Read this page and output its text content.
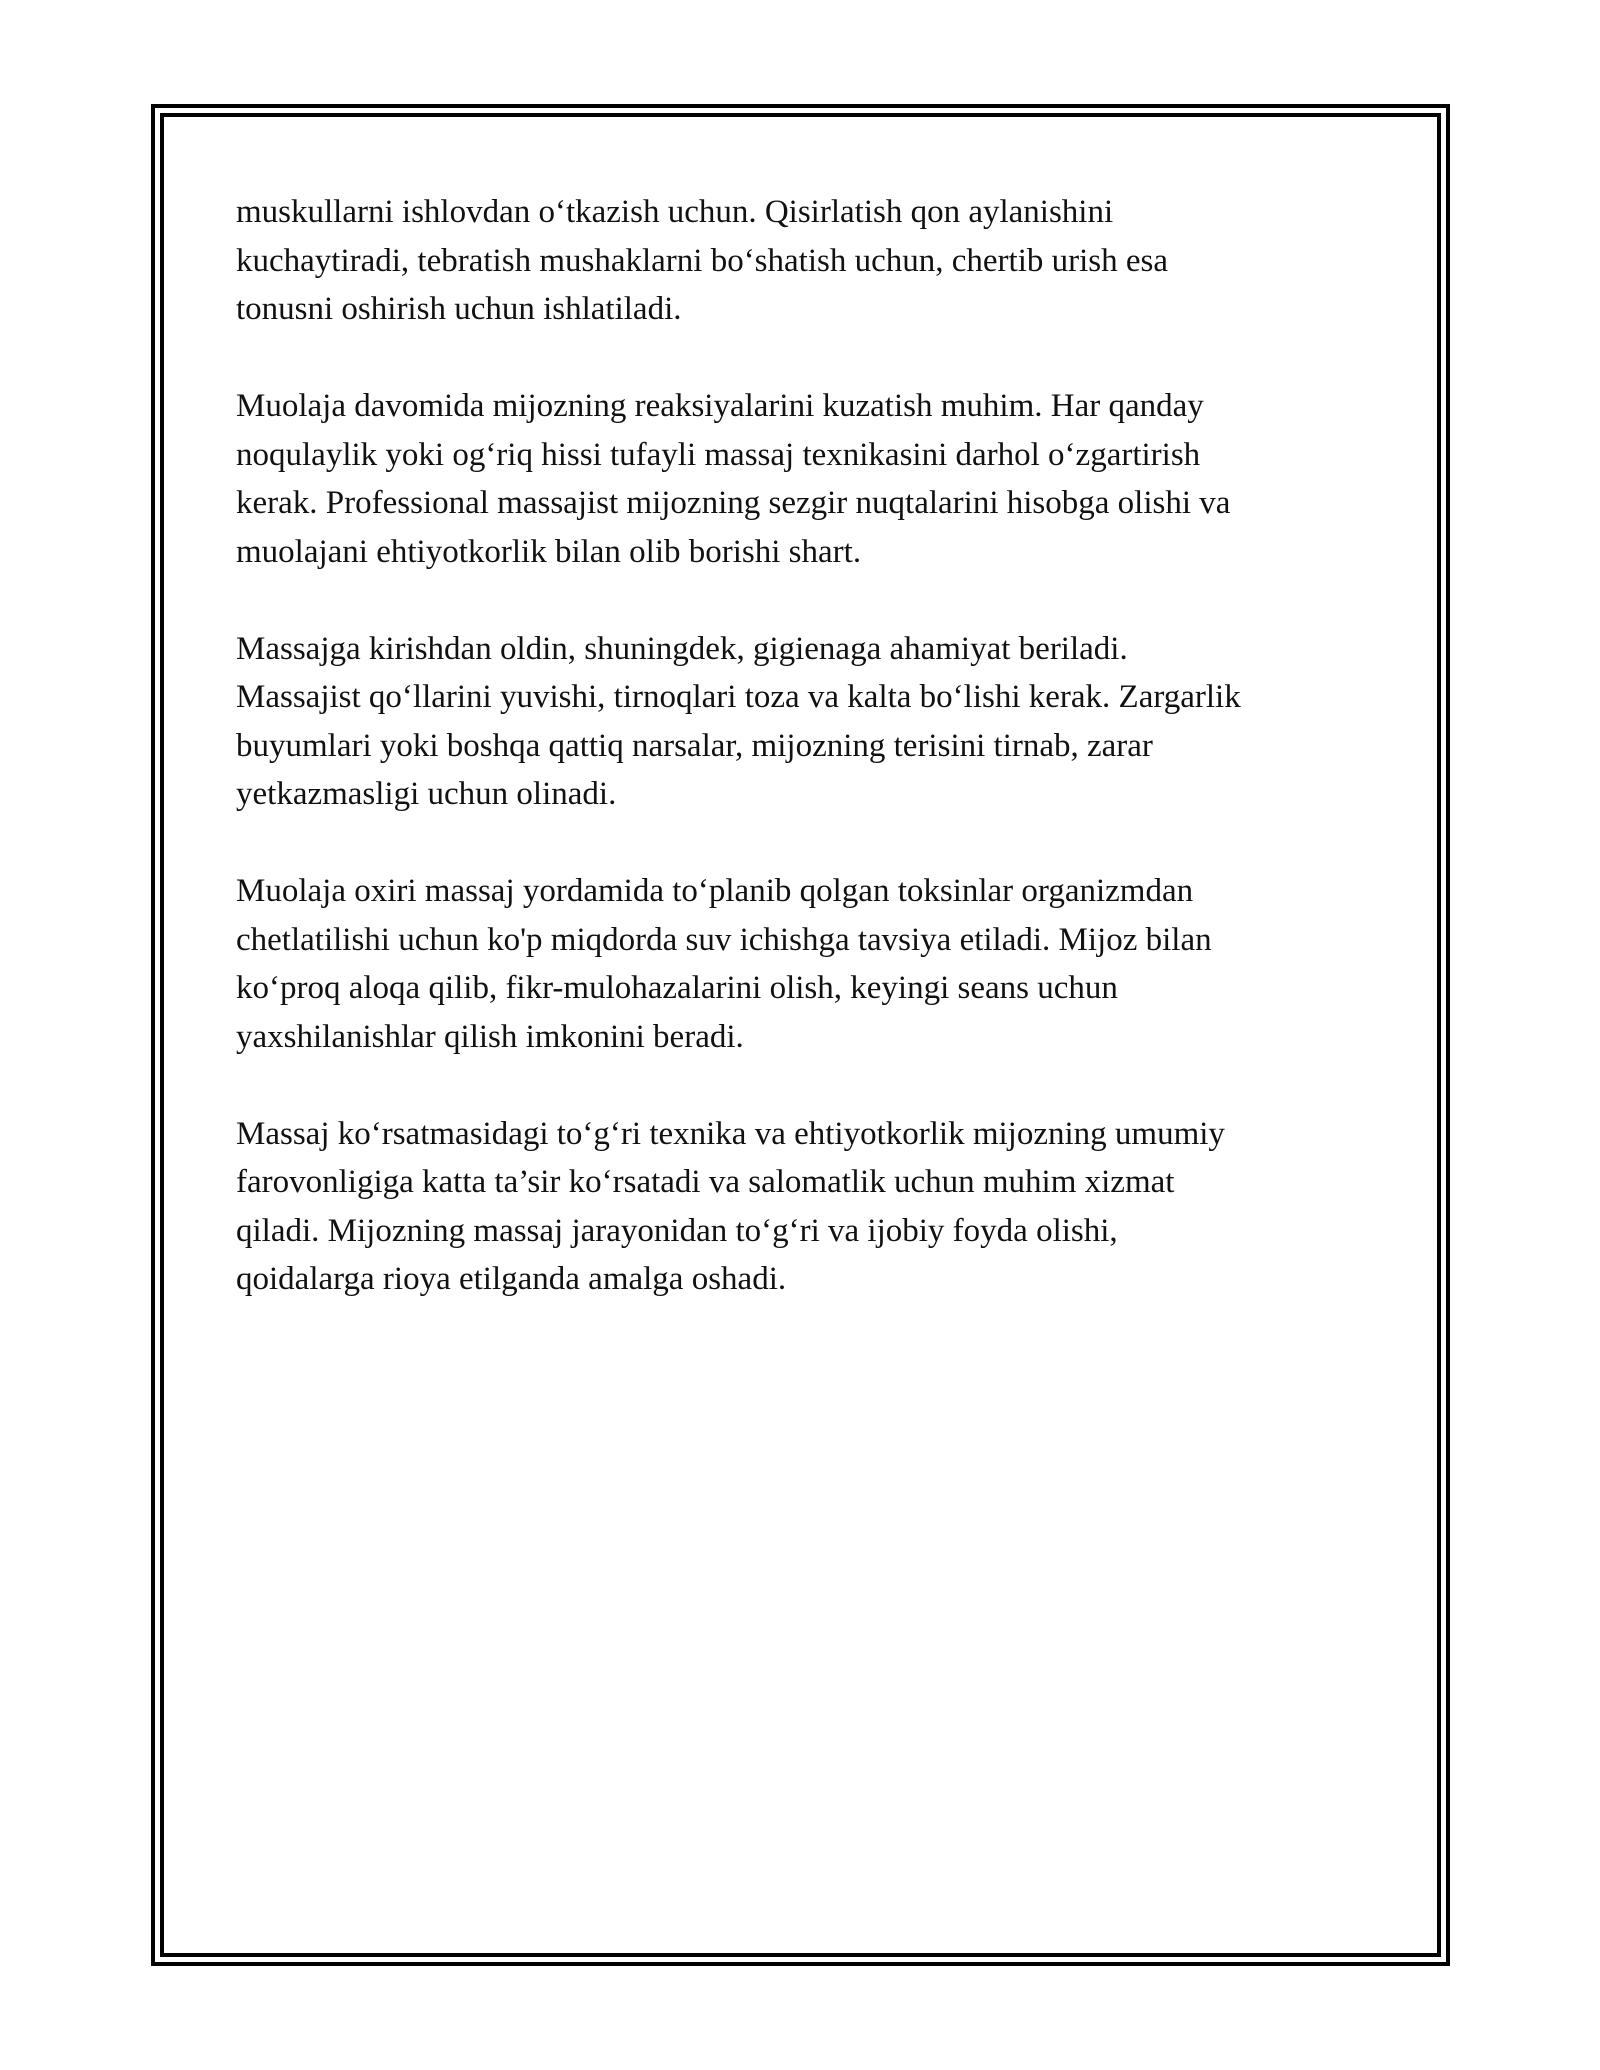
muskullarni ishlovdan o‘tkazish uchun. Qisirlatish qon aylanishini
kuchaytiradi, tebratish mushaklarni bo‘shatish uchun, chertib urish esa
tonusni oshirish uchun ishlatiladi.

Muolaja davomida mijozning reaksiyalarini kuzatish muhim. Har qanday
noqulaylik yoki og‘riq hissi tufayli massaj texnikasini darhol o‘zgartirish
kerak. Professional massajist mijozning sezgir nuqtalarini hisobga olishi va
muolajani ehtiyotkorlik bilan olib borishi shart.

Massajga kirishdan oldin, shuningdek, gigienaga ahamiyat beriladi.
Massajist qo‘llarini yuvishi, tirnoqlari toza va kalta bo‘lishi kerak. Zargarlik
buyumlari yoki boshqa qattiq narsalar, mijozning terisini tirnab, zarar
yetkazmasligi uchun olinadi.

Muolaja oxiri massaj yordamida to‘planib qolgan toksinlar organizmdan
chetlatilishi uchun ko'p miqdorda suv ichishga tavsiya etiladi. Mijoz bilan
ko‘proq aloqa qilib, fikr-mulohazalarini olish, keyingi seans uchun
yaxshilanishlar qilish imkonini beradi.

Massaj ko‘rsatmasidagi to‘g‘ri texnika va ehtiyotkorlik mijozning umumiy
farovonligiga katta ta’sir ko‘rsatadi va salomatlik uchun muhim xizmat
qiladi. Mijozning massaj jarayonidan to‘g‘ri va ijobiy foyda olishi,
qoidalarga rioya etilganda amalga oshadi.
